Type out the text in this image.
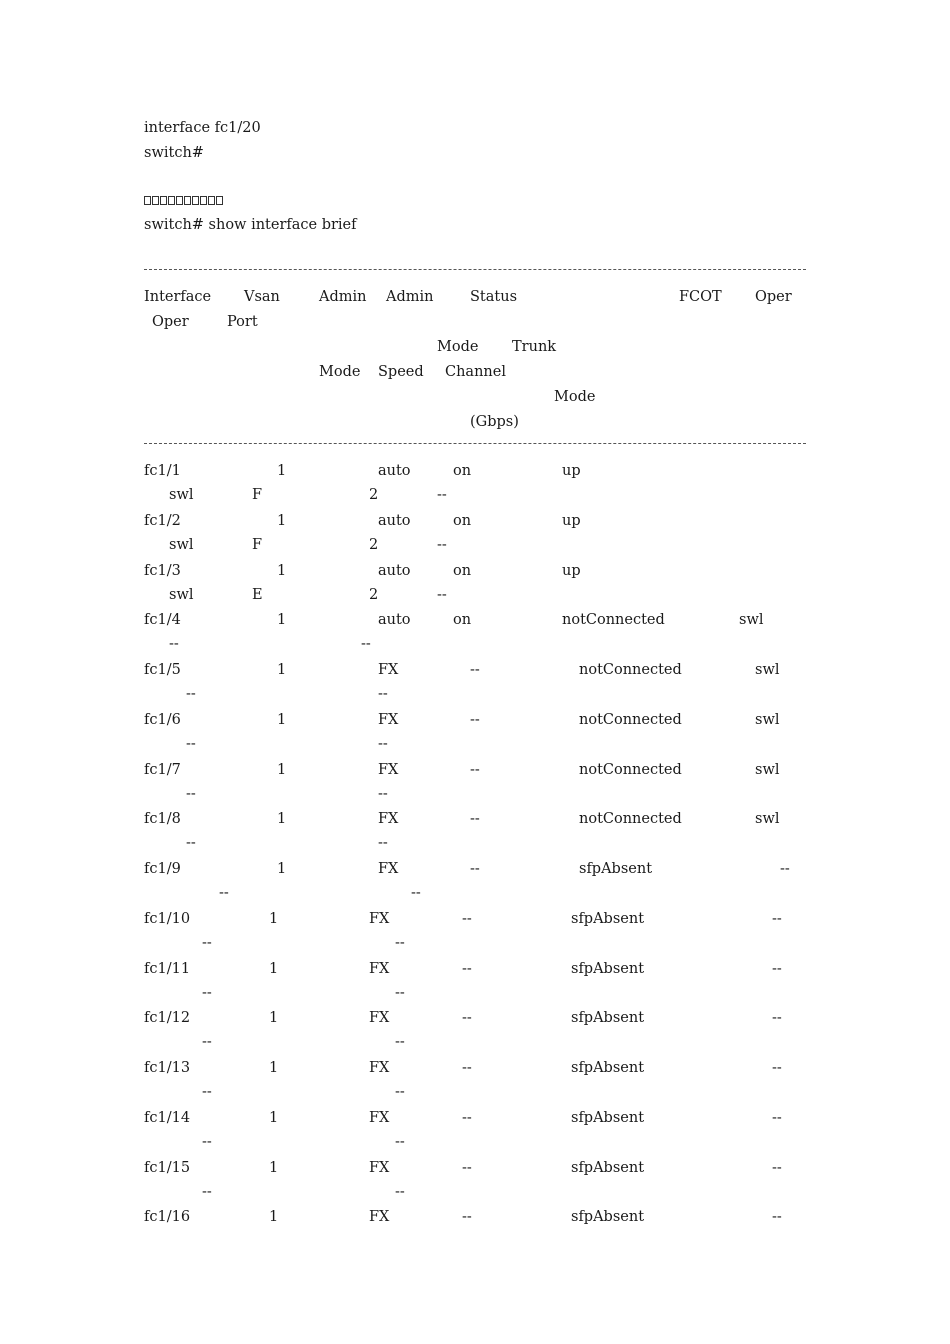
interface fc1/20
switch#
switch# show interface brief
Interface Vsan	Admin Admin	Status	FCOT Oper
Oper	Port
Mode Trunk
Mode Speed Channel
Mode
(Gbps)
fc1/1	1	auto	on	up
swl	F	2	--
fc1/2	1	auto	on	up
swl	F	2	--
fc1/3	1	auto	on	up
swl	E	2	--
fc1/4	1	auto	on	notConnected	swl
--	--
fc1/5	1	FX	--	notConnected	swl
--	--
fc1/6	1	FX	--	notConnected	swl
--	--
fc1/7	1	FX	--	notConnected	swl
--	--
fc1/8	1	FX	--	notConnected	swl
--	--
fc1/9	1	FX	--	sfpAbsent	--
--	--
fc1/10	1	FX	--	sfpAbsent	--
--	--
fc1/11	1	FX	--	sfpAbsent	--
--	--
fc1/12	1	FX	--	sfpAbsent	--
--	--
fc1/13	1	FX	--	sfpAbsent	--
--	--
fc1/14	1	FX	--	sfpAbsent	--
--	--
fc1/15	1	FX	--	sfpAbsent	--
--	--
fc1/16	1	FX	--	sfpAbsent	--
